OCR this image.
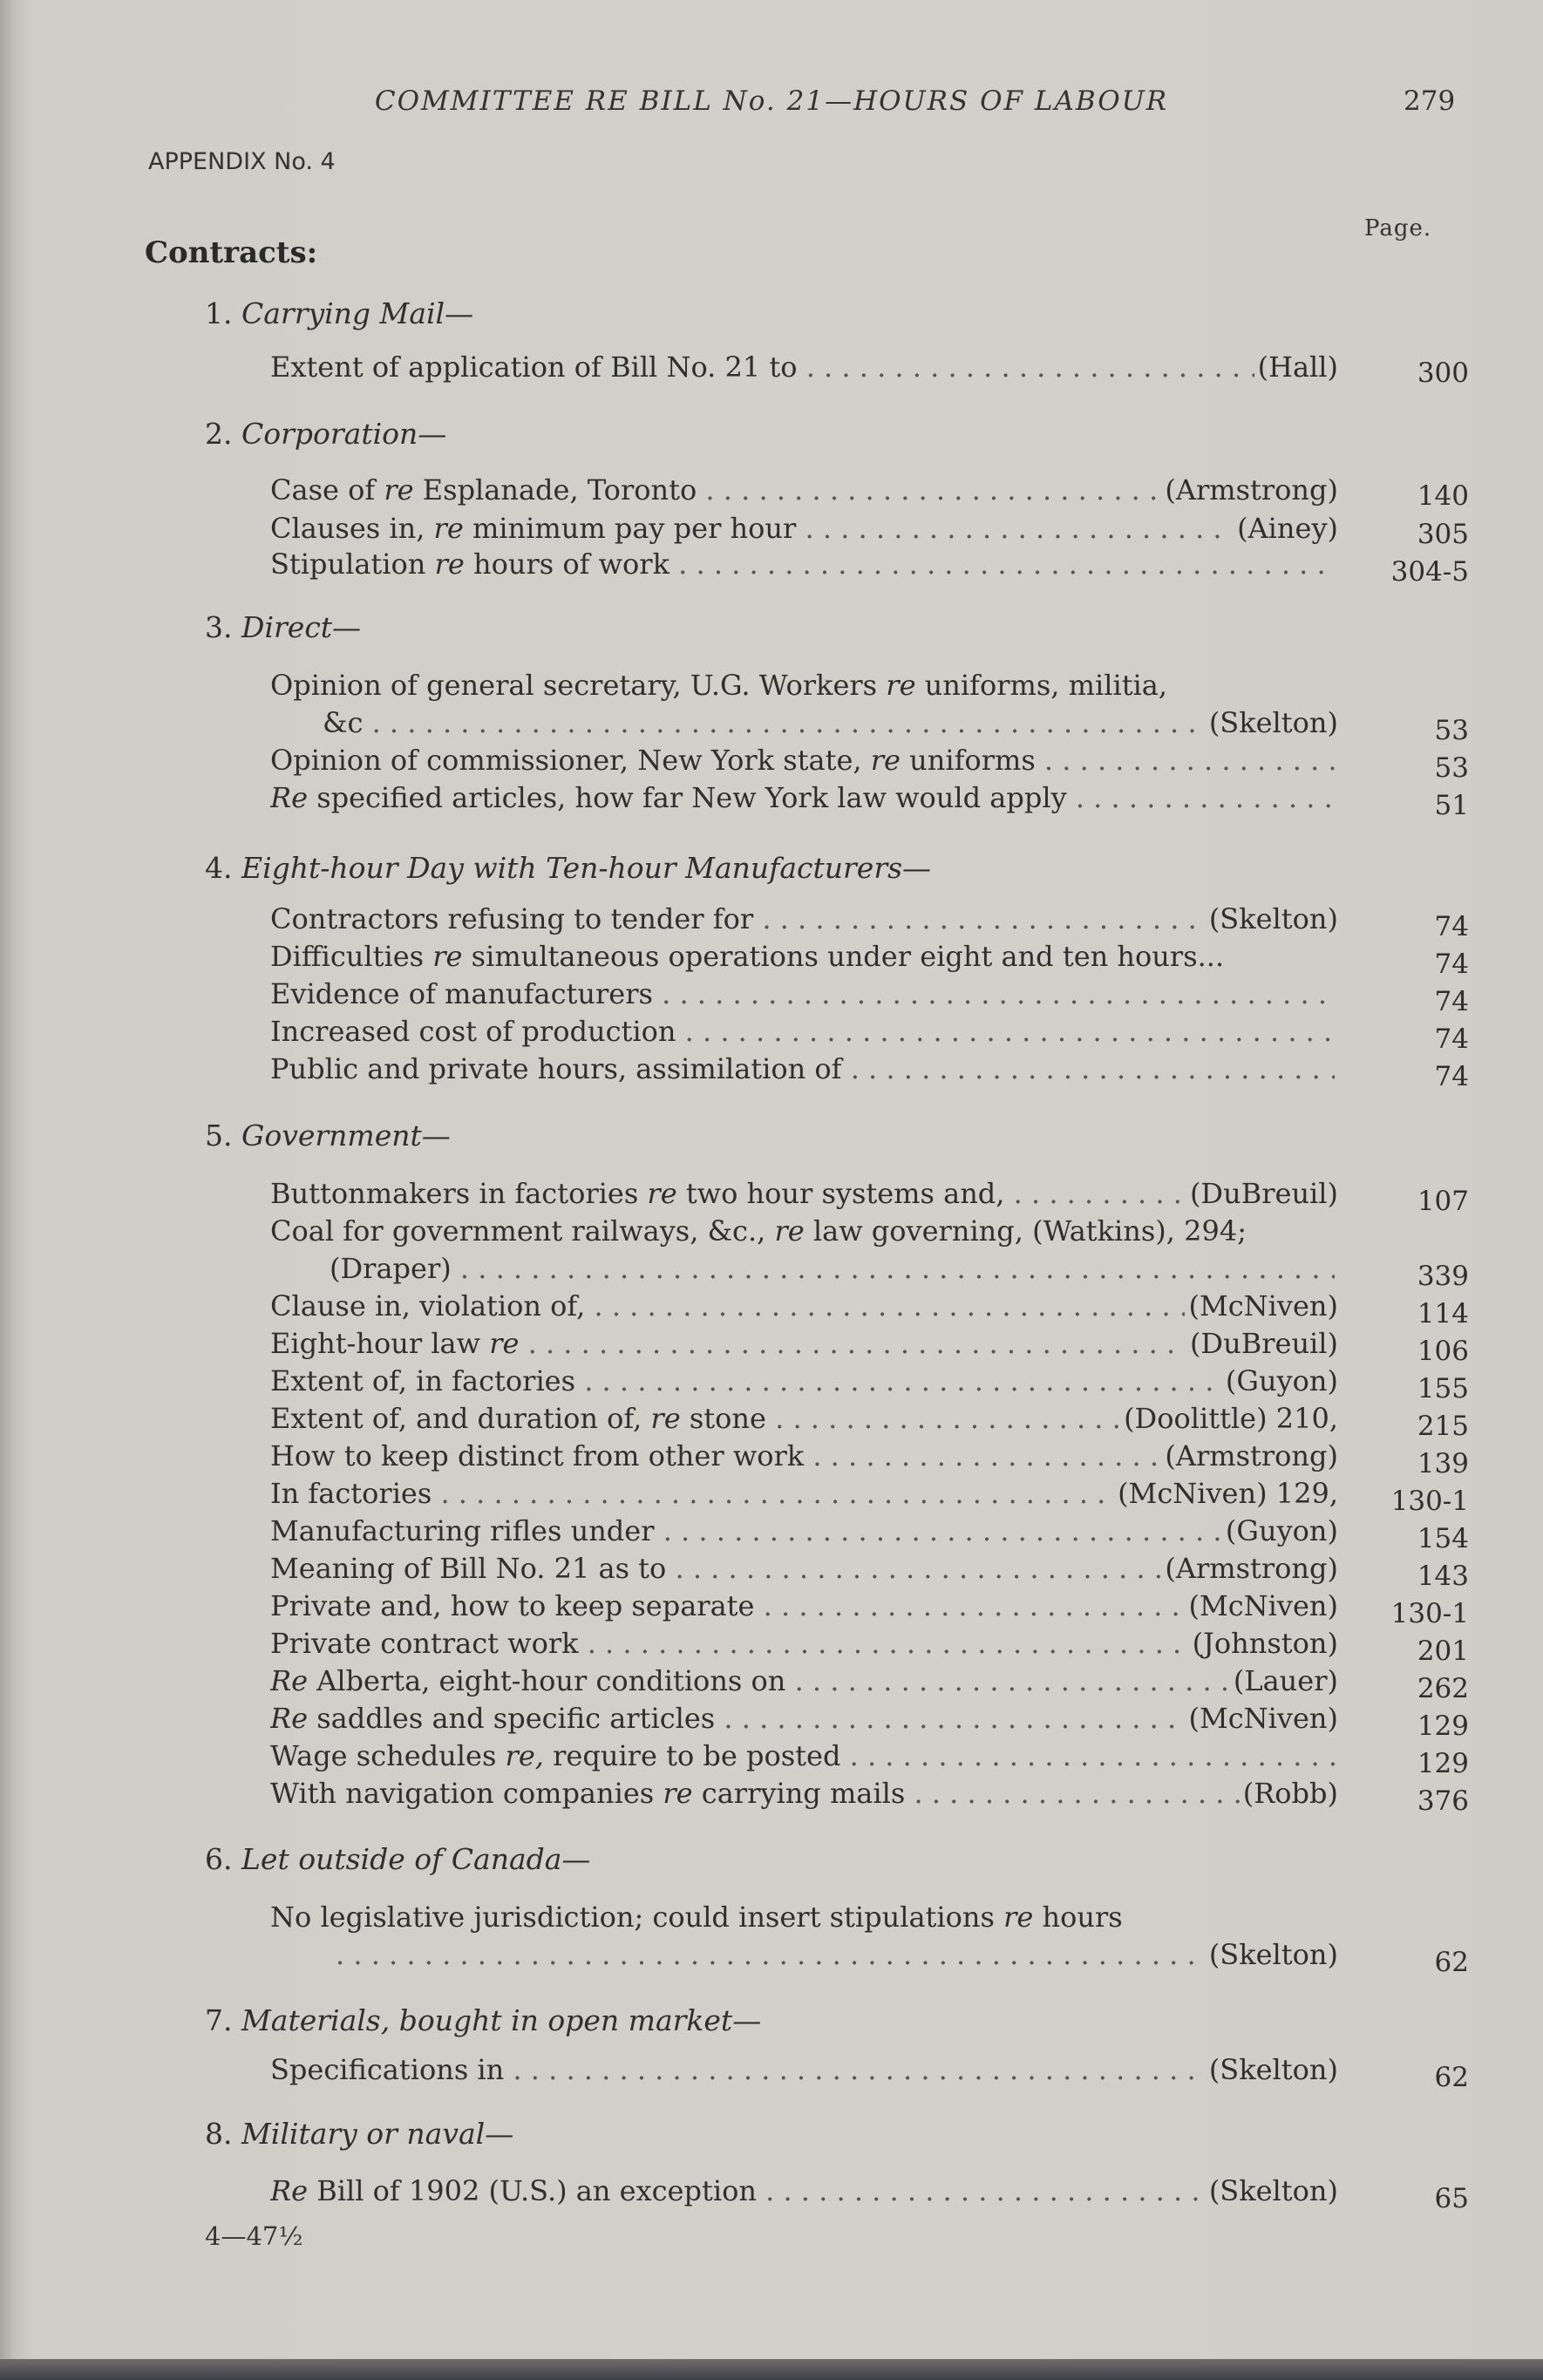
COMMITTEE RE BILL No. 21—HOURS OF LABOUR	279
APPENDIX No. 4
Page.
Contracts:
1. Carrying Mail—
Extent of application of Bill No. 21 to . . .	(Hall)	300
2. Corporation—
Case of re Esplanade, Toronto . . .	(Armstrong)	140
Clauses in, re minimum pay per hour . . .	(Ainey)	305
Stipulation re hours of work . . .	304-5
3. Direct—
Opinion of general secretary, U.G. Workers re uniforms, militia,
&c . . .	(Skelton)	53
Opinion of commissioner, New York state, re uniforms . . .	53
Re specified articles, how far New York law would apply . . .	51
4. Eight-hour Day with Ten-hour Manufacturers—
Contractors refusing to tender for . . .	(Skelton)	74
Difficulties re simultaneous operations under eight and ten hours...	74
Evidence of manufacturers . . .	74
Increased cost of production . . .	74
Public and private hours, assimilation of . . .	74
5. Government—
Buttonmakers in factories re two hour systems and, . . .	(DuBreuil)	107
Coal for government railways, &c., re law governing, (Watkins), 294;
(Draper) . . .	339
Clause in, violation of, . . .	(McNiven)	114
Eight-hour law re . . .	(DuBreuil)	106
Extent of, in factories . . .	(Guyon)	155
Extent of, and duration of, re stone . . .	(Doolittle) 210,	215
How to keep distinct from other work . . .	(Armstrong)	139
In factories . . .	(McNiven) 129,	130-1
Manufacturing rifles under . . .	(Guyon)	154
Meaning of Bill No. 21 as to . . .	(Armstrong)	143
Private and, how to keep separate . . .	(McNiven)	130-1
Private contract work . . .	(Johnston)	201
Re Alberta, eight-hour conditions on . . .	(Lauer)	262
Re saddles and specific articles . . .	(McNiven)	129
Wage schedules re, require to be posted . . .	129
With navigation companies re carrying mails . . .	(Robb)	376
6. Let outside of Canada—
No legislative jurisdiction; could insert stipulations re hours
. . .
(Skelton)	62
7. Materials, bought in open market—
Specifications in . . .	(Skelton)	62
8. Military or naval—
Re Bill of 1902 (U.S.) an exception . . .	(Skelton)	65
4—47½
